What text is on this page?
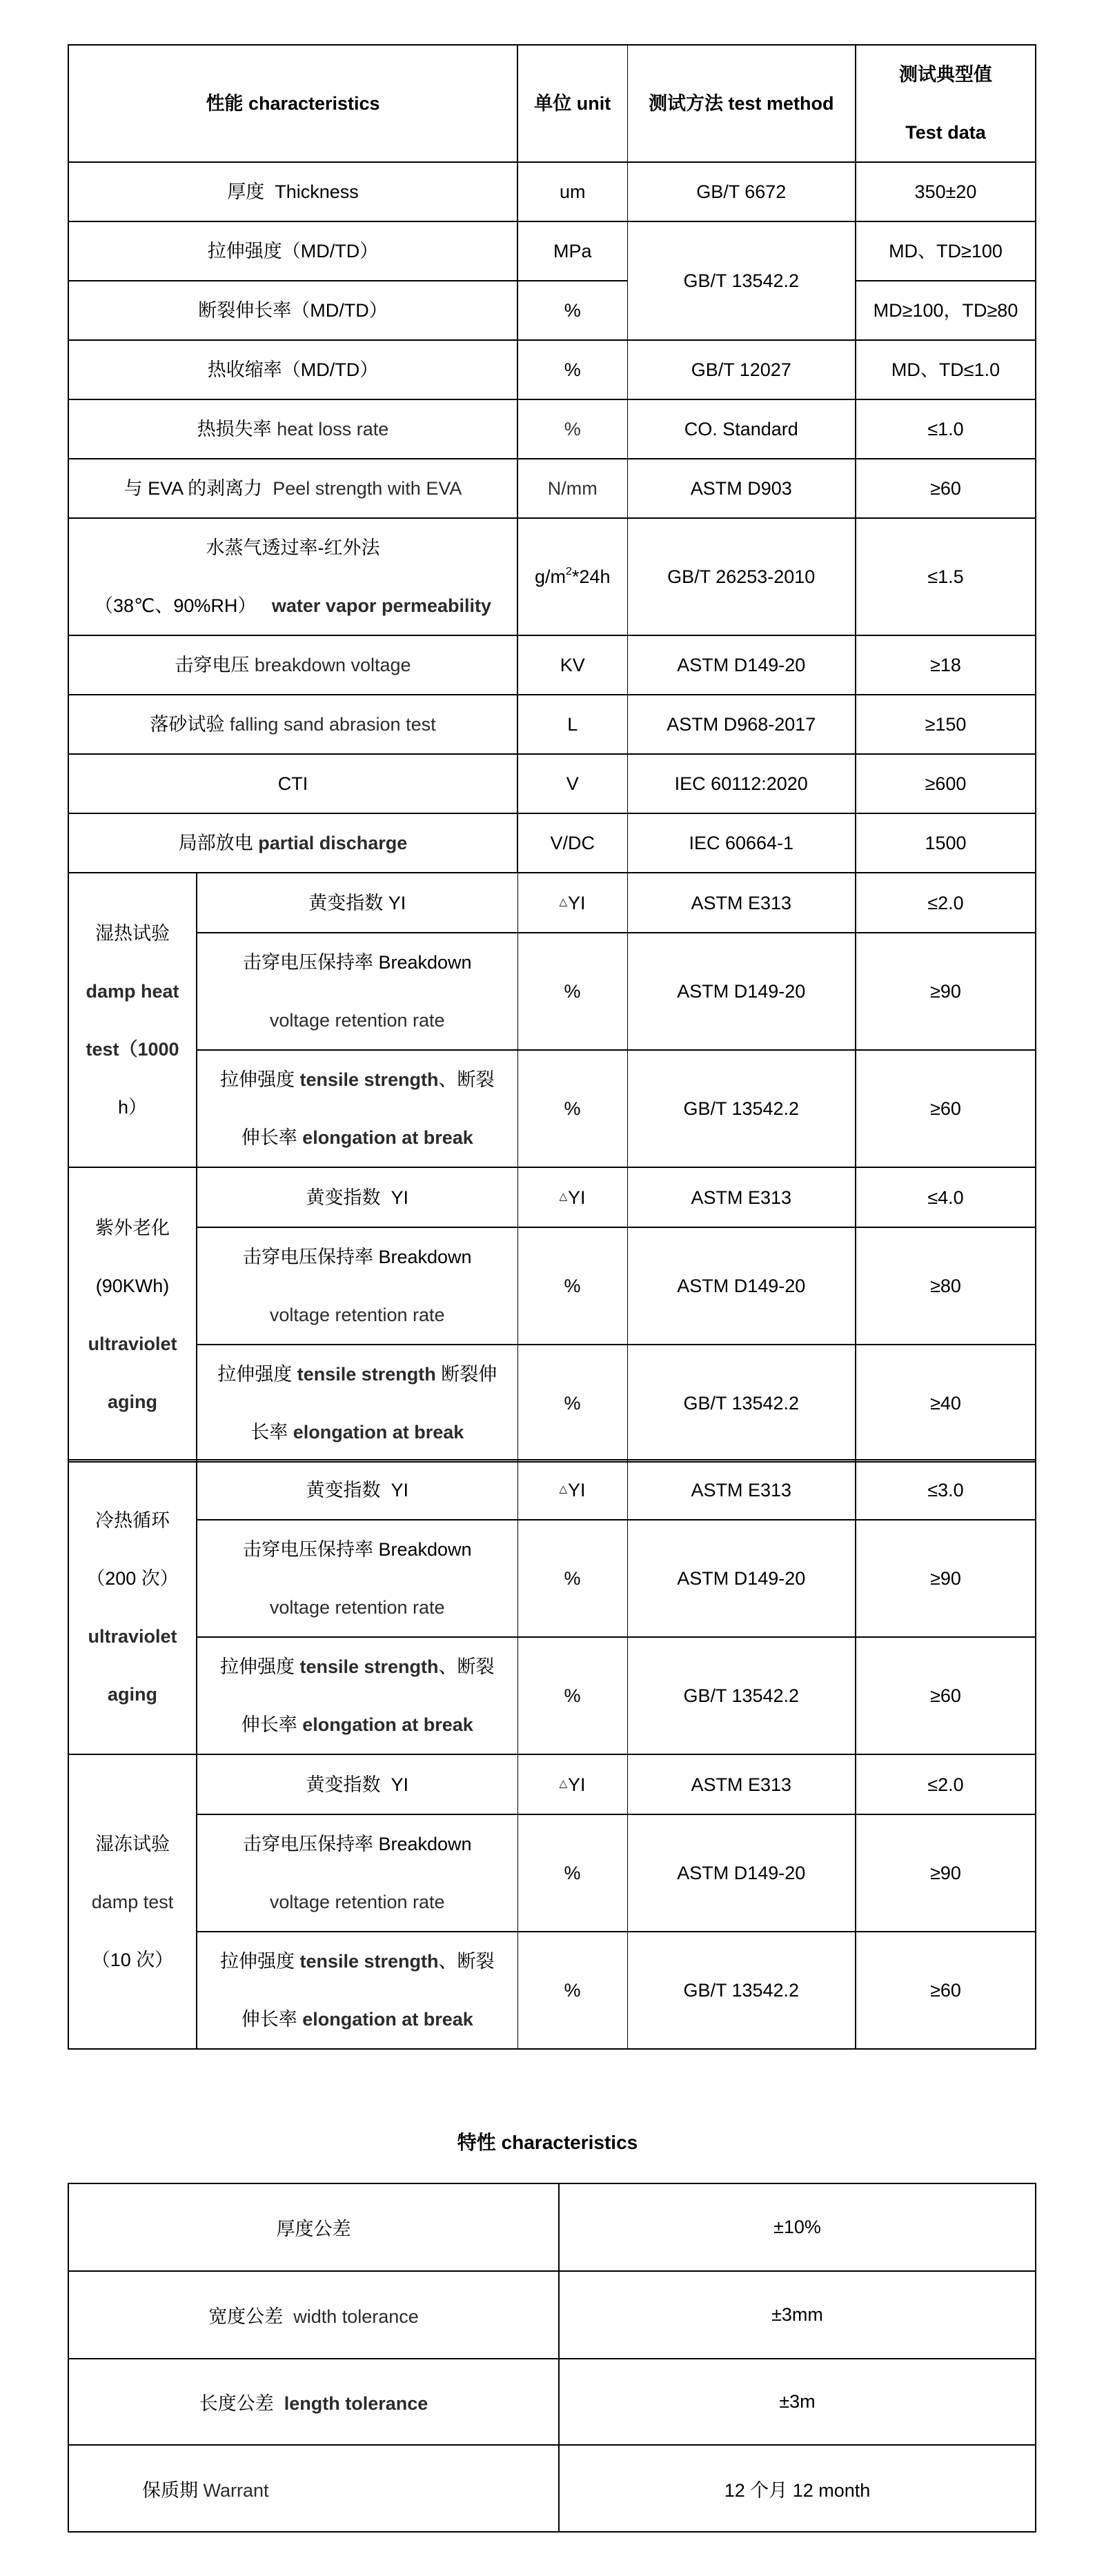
性能 characteristics		单位 unit	测试方法 test method	测试典型值
Test data

厚度 Thickness		um	GB/T 6672	350±20
拉伸强度（MD/TD）		MPa	GB/T 13542.2	MD、TD≥100
断裂伸长率（MD/TD）		%		MD≥100，TD≥80
热收缩率（MD/TD）		%	GB/T 12027	MD、TD≤1.0
热损失率 heat loss rate		%	CO. Standard	≤1.0
与 EVA 的剥离力 Peel strength with EVA		N/mm	ASTM D903	≥60

水蒸气透过率-红外法
（38℃、90%RH） water vapor permeability		$g/m^2*24h$	GB/T 26253-2010	≤1.5
击穿电压 breakdown voltage		KV	ASTM D149-20	≥18
落砂试验 falling sand abrasion test		L	ASTM D968-2017	≥150
CTI		V	IEC 60112:2020	≥600
局部放电 partial discharge		V/DC	IEC 60664-1	1500

湿热试验
damp heat
test（1000
h）	黄变指数 YI	△YI	ASTM E313	≤2.0

	击穿电压保持率 Breakdown
voltage retention rate	%	ASTM D149-20	≥90

	拉伸强度 tensile strength、断裂
伸长率 elongation at break	%	GB/T 13542.2	≥60

紫外老化
(90KWh)
ultraviolet
aging	黄变指数  YI	△YI	ASTM E313	≤4.0

	击穿电压保持率 Breakdown
voltage retention rate	%	ASTM D149-20	≥80

	拉伸强度 tensile strength 断裂伸
长率 elongation at break	%	GB/T 13542.2	≥40
冷热循环
（200 次）
ultraviolet
aging	黄变指数  YI	△YI	ASTM E313	≤3.0

	击穿电压保持率 Breakdown
voltage retention rate	%	ASTM D149-20	≥90

	拉伸强度 tensile strength、断裂
伸长率 elongation at break	%	GB/T 13542.2	≥60

湿冻试验
damp test
（10 次）	黄变指数  YI	△YI	ASTM E313	≤2.0

	击穿电压保持率 Breakdown
voltage retention rate	%	ASTM D149-20	≥90

	拉伸强度 tensile strength、断裂
伸长率 elongation at break	%	GB/T 13542.2	≥60
特性 characteristics
厚度公差	±10%
宽度公差 width tolerance	±3mm
长度公差 length tolerance	±3m
保质期 Warrant	12 个月 12 month
